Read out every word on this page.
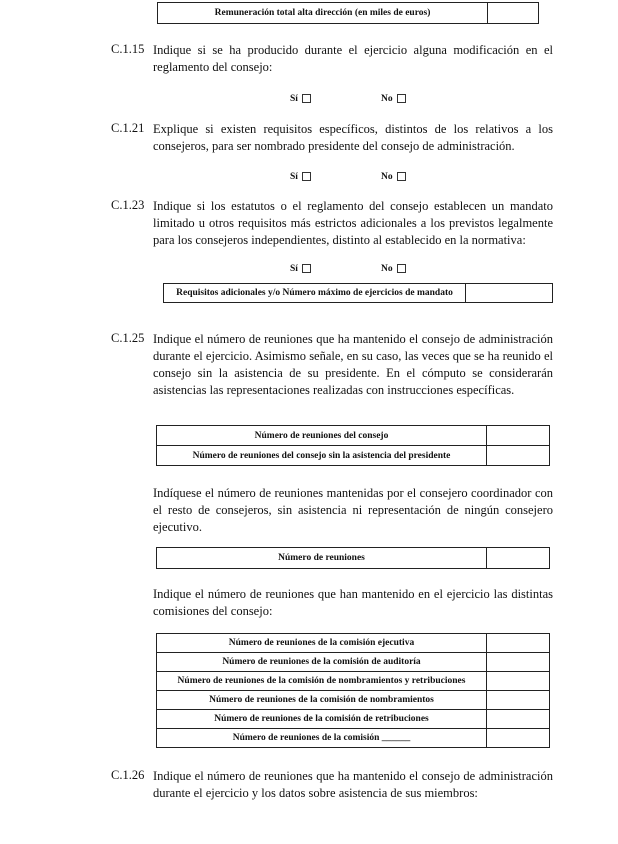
Remuneración total alta dirección (en miles de euros)	
C.1.15 Indique si se ha producido durante el ejercicio alguna modificación en el reglamento del consejo:
Sí	No
C.1.21 Explique si existen requisitos específicos, distintos de los relativos a los consejeros, para ser nombrado presidente del consejo de administración.
Sí	No
C.1.23 Indique si los estatutos o el reglamento del consejo establecen un mandato limitado u otros requisitos más estrictos adicionales a los previstos legalmente para los consejeros independientes, distinto al establecido en la normativa:
Sí	No
Requisitos adicionales y/o Número máximo de ejercicios de mandato	
C.1.25 Indique el número de reuniones que ha mantenido el consejo de administración durante el ejercicio. Asimismo señale, en su caso, las veces que se ha reunido el consejo sin la asistencia de su presidente. En el cómputo se considerarán asistencias las representaciones realizadas con instrucciones específicas.
Número de reuniones del consejo	
Número de reuniones del consejo sin la asistencia del presidente	
Indíquese el número de reuniones mantenidas por el consejero coordinador con el resto de consejeros, sin asistencia ni representación de ningún consejero ejecutivo.
Número de reuniones	
Indique el número de reuniones que han mantenido en el ejercicio las distintas comisiones del consejo:
Número de reuniones de la comisión ejecutiva	
Número de reuniones de la comisión de auditoría	
Número de reuniones de la comisión de nombramientos y retribuciones	
Número de reuniones de la comisión de nombramientos	
Número de reuniones de la comisión de retribuciones	
Número de reuniones de la comisión ______	
C.1.26 Indique el número de reuniones que ha mantenido el consejo de administración durante el ejercicio y los datos sobre asistencia de sus miembros:
